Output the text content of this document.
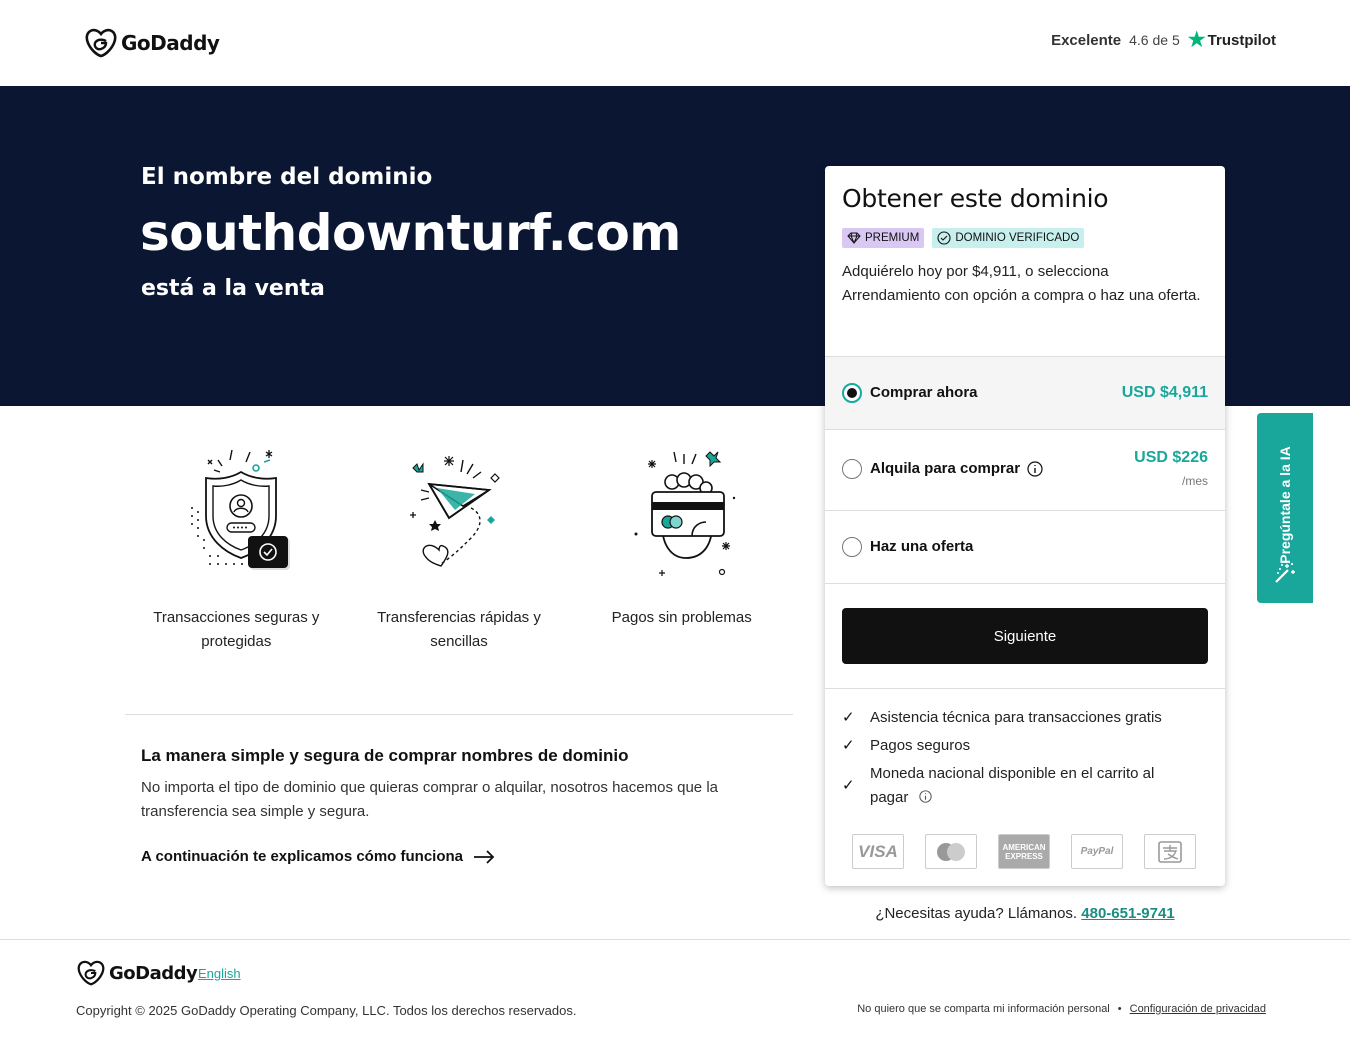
GoDaddy	Excelente 4.6 de 5 ★ Trustpilot
El nombre del dominio
southdownturf.com
está a la venta
Transacciones seguras y protegidas
Transferencias rápidas y sencillas
Pagos sin problemas
La manera simple y segura de comprar nombres de dominio

No importa el tipo de dominio que quieras comprar o alquilar, nosotros hacemos que la transferencia sea simple y segura.

A continuación te explicamos cómo funciona
Obtener este dominio
PREMIUM	DOMINIO VERIFICADO
Adquiérelo hoy por $4,911, o selecciona Arrendamiento con opción a compra o haz una oferta.
Comprar ahora	USD $4,911
Alquila para comprar
USD $226
/mes
Haz una oferta
Siguiente
✓	Asistencia técnica para transacciones gratis
✓	Pagos seguros
✓
Moneda nacional disponible en el carrito al pagar
VISA	AMERICAN EXPRESS	PayPal
¿Necesitas ayuda? Llámanos. 480-651-9741
Pregúntale a la IA
GoDaddy English
Copyright © 2025 GoDaddy Operating Company, LLC. Todos los derechos reservados.	No quiero que se comparta mi información personal • Configuración de privacidad
